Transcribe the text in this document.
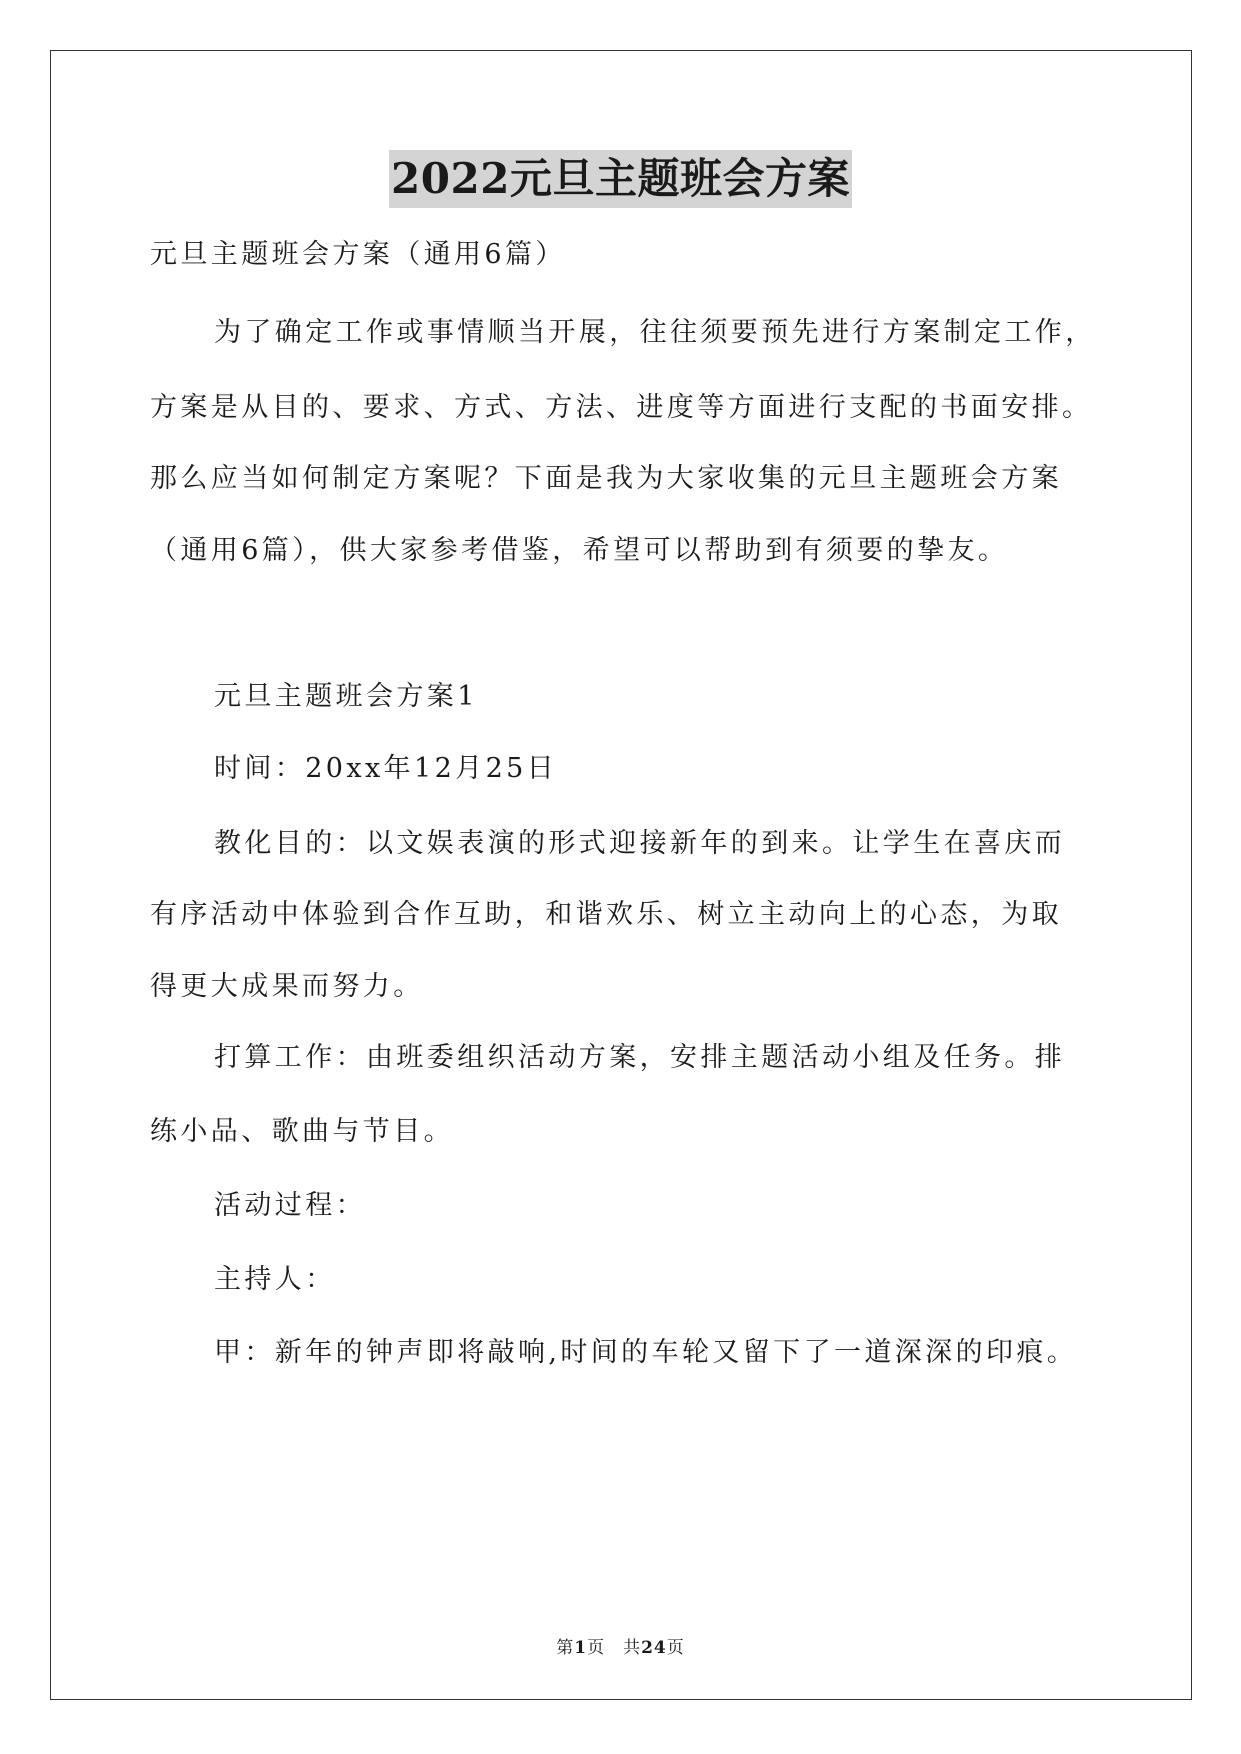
2022元旦主题班会方案
元旦主题班会方案（通用6篇）
为了确定工作或事情顺当开展，往往须要预先进行方案制定工作，
方案是从目的、要求、方式、方法、进度等方面进行支配的书面安排。
那么应当如何制定方案呢？下面是我为大家收集的元旦主题班会方案
（通用6篇），供大家参考借鉴，希望可以帮助到有须要的挚友。
元旦主题班会方案1
时间：20xx年12月25日
教化目的：以文娱表演的形式迎接新年的到来。让学生在喜庆而
有序活动中体验到合作互助，和谐欢乐、树立主动向上的心态，为取
得更大成果而努力。
打算工作：由班委组织活动方案，安排主题活动小组及任务。排
练小品、歌曲与节目。
活动过程：
主持人：
甲：新年的钟声即将敲响,时间的车轮又留下了一道深深的印痕。
第1页　共24页
